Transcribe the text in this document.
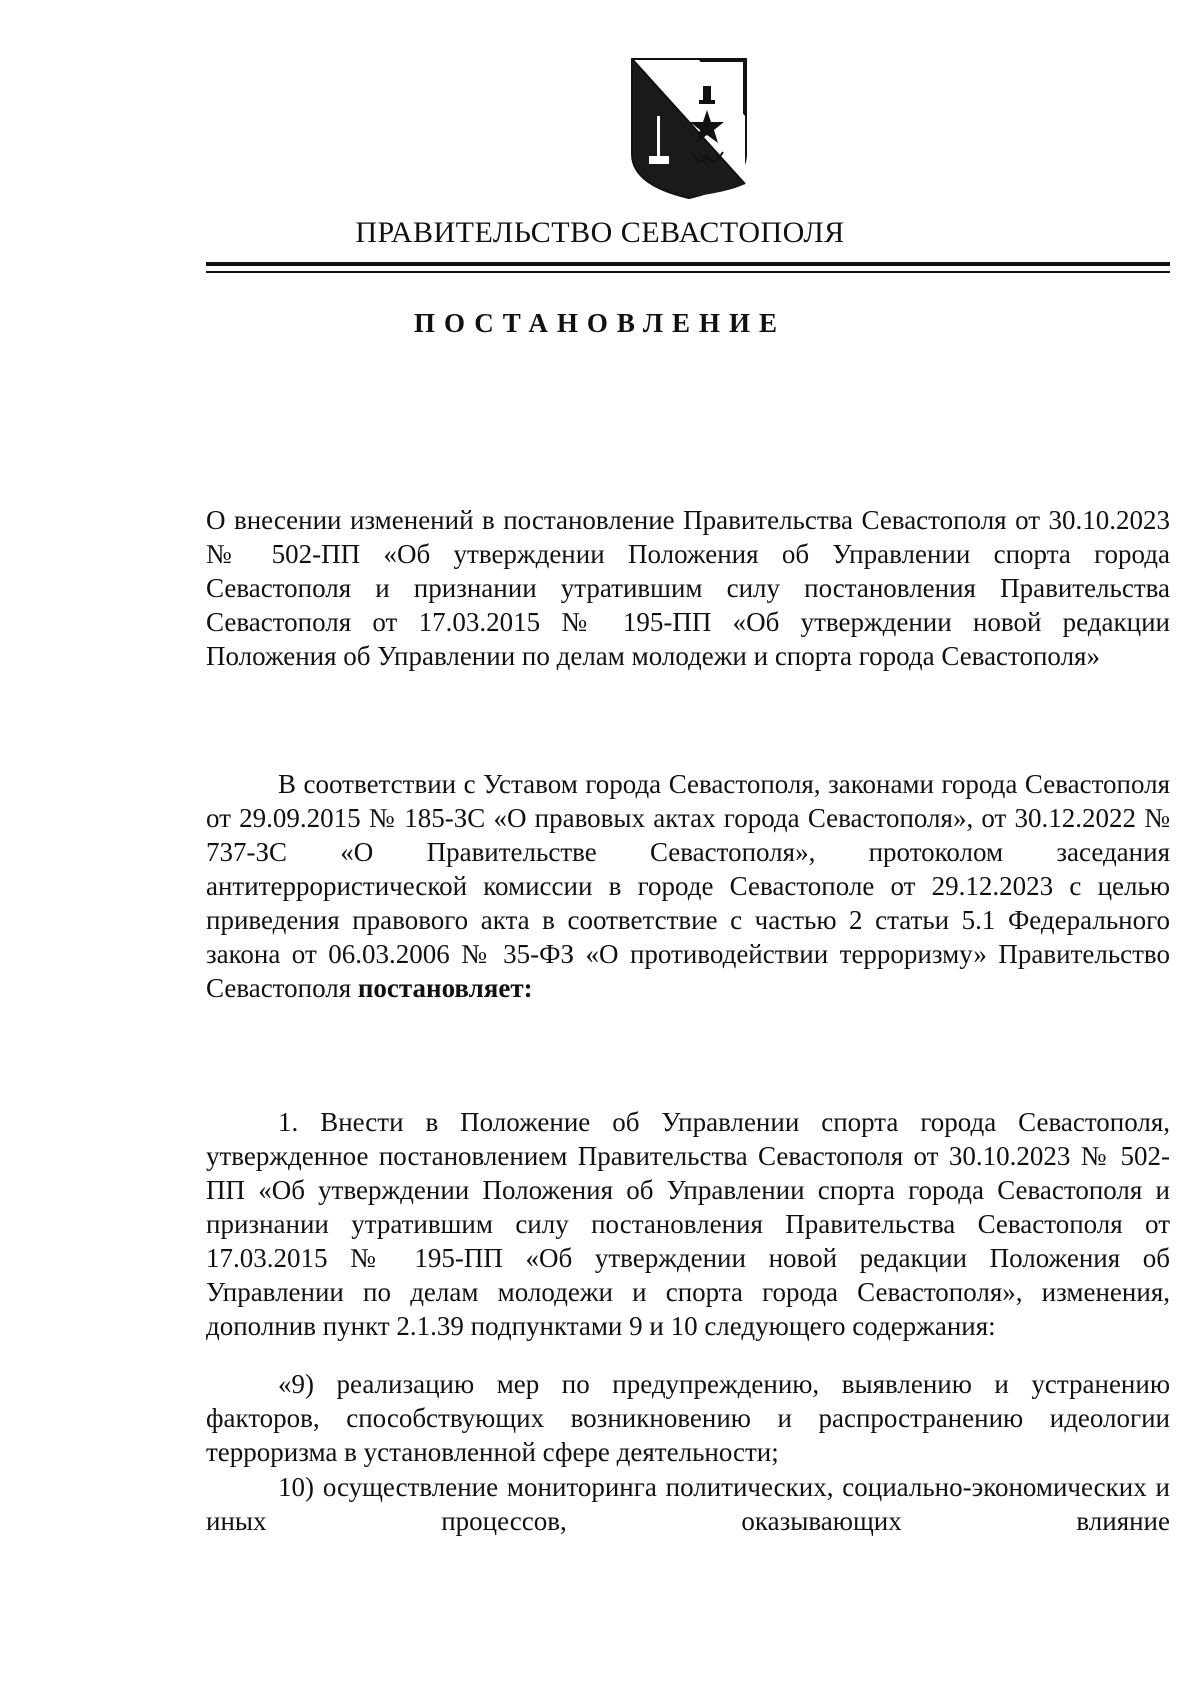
ПРАВИТЕЛЬСТВО СЕВАСТОПОЛЯ
ПОСТАНОВЛЕНИЕ

О внесении изменений в постановление Правительства Севастополя от 30.10.2023 № 502-ПП «Об утверждении Положения об Управлении спорта города Севастополя и признании утратившим силу постановления Правительства Севастополя от 17.03.2015 № 195-ПП «Об утверждении новой редакции Положения об Управлении по делам молодежи и спорта города Севастополя»

В соответствии с Уставом города Севастополя, законами города Севастополя от 29.09.2015 № 185-ЗС «О правовых актах города Севастополя», от 30.12.2022 № 737-ЗС «О Правительстве Севастополя», протоколом заседания антитеррористической комиссии в городе Севастополе от 29.12.2023 с целью приведения правового акта в соответствие с частью 2 статьи 5.1 Федерального закона от 06.03.2006 № 35-ФЗ «О противодействии терроризму» Правительство Севастополя постановляет:

1. Внести в Положение об Управлении спорта города Севастополя, утвержденное постановлением Правительства Севастополя от 30.10.2023 № 502-ПП «Об утверждении Положения об Управлении спорта города Севастополя и признании утратившим силу постановления Правительства Севастополя от 17.03.2015 № 195-ПП «Об утверждении новой редакции Положения об Управлении по делам молодежи и спорта города Севастополя», изменения, дополнив пункт 2.1.39 подпунктами 9 и 10 следующего содержания:

«9) реализацию мер по предупреждению, выявлению и устранению факторов, способствующих возникновению и распространению идеологии терроризма в установленной сфере деятельности;

10) осуществление мониторинга политических, социально-экономических и иных процессов, оказывающих влияние
